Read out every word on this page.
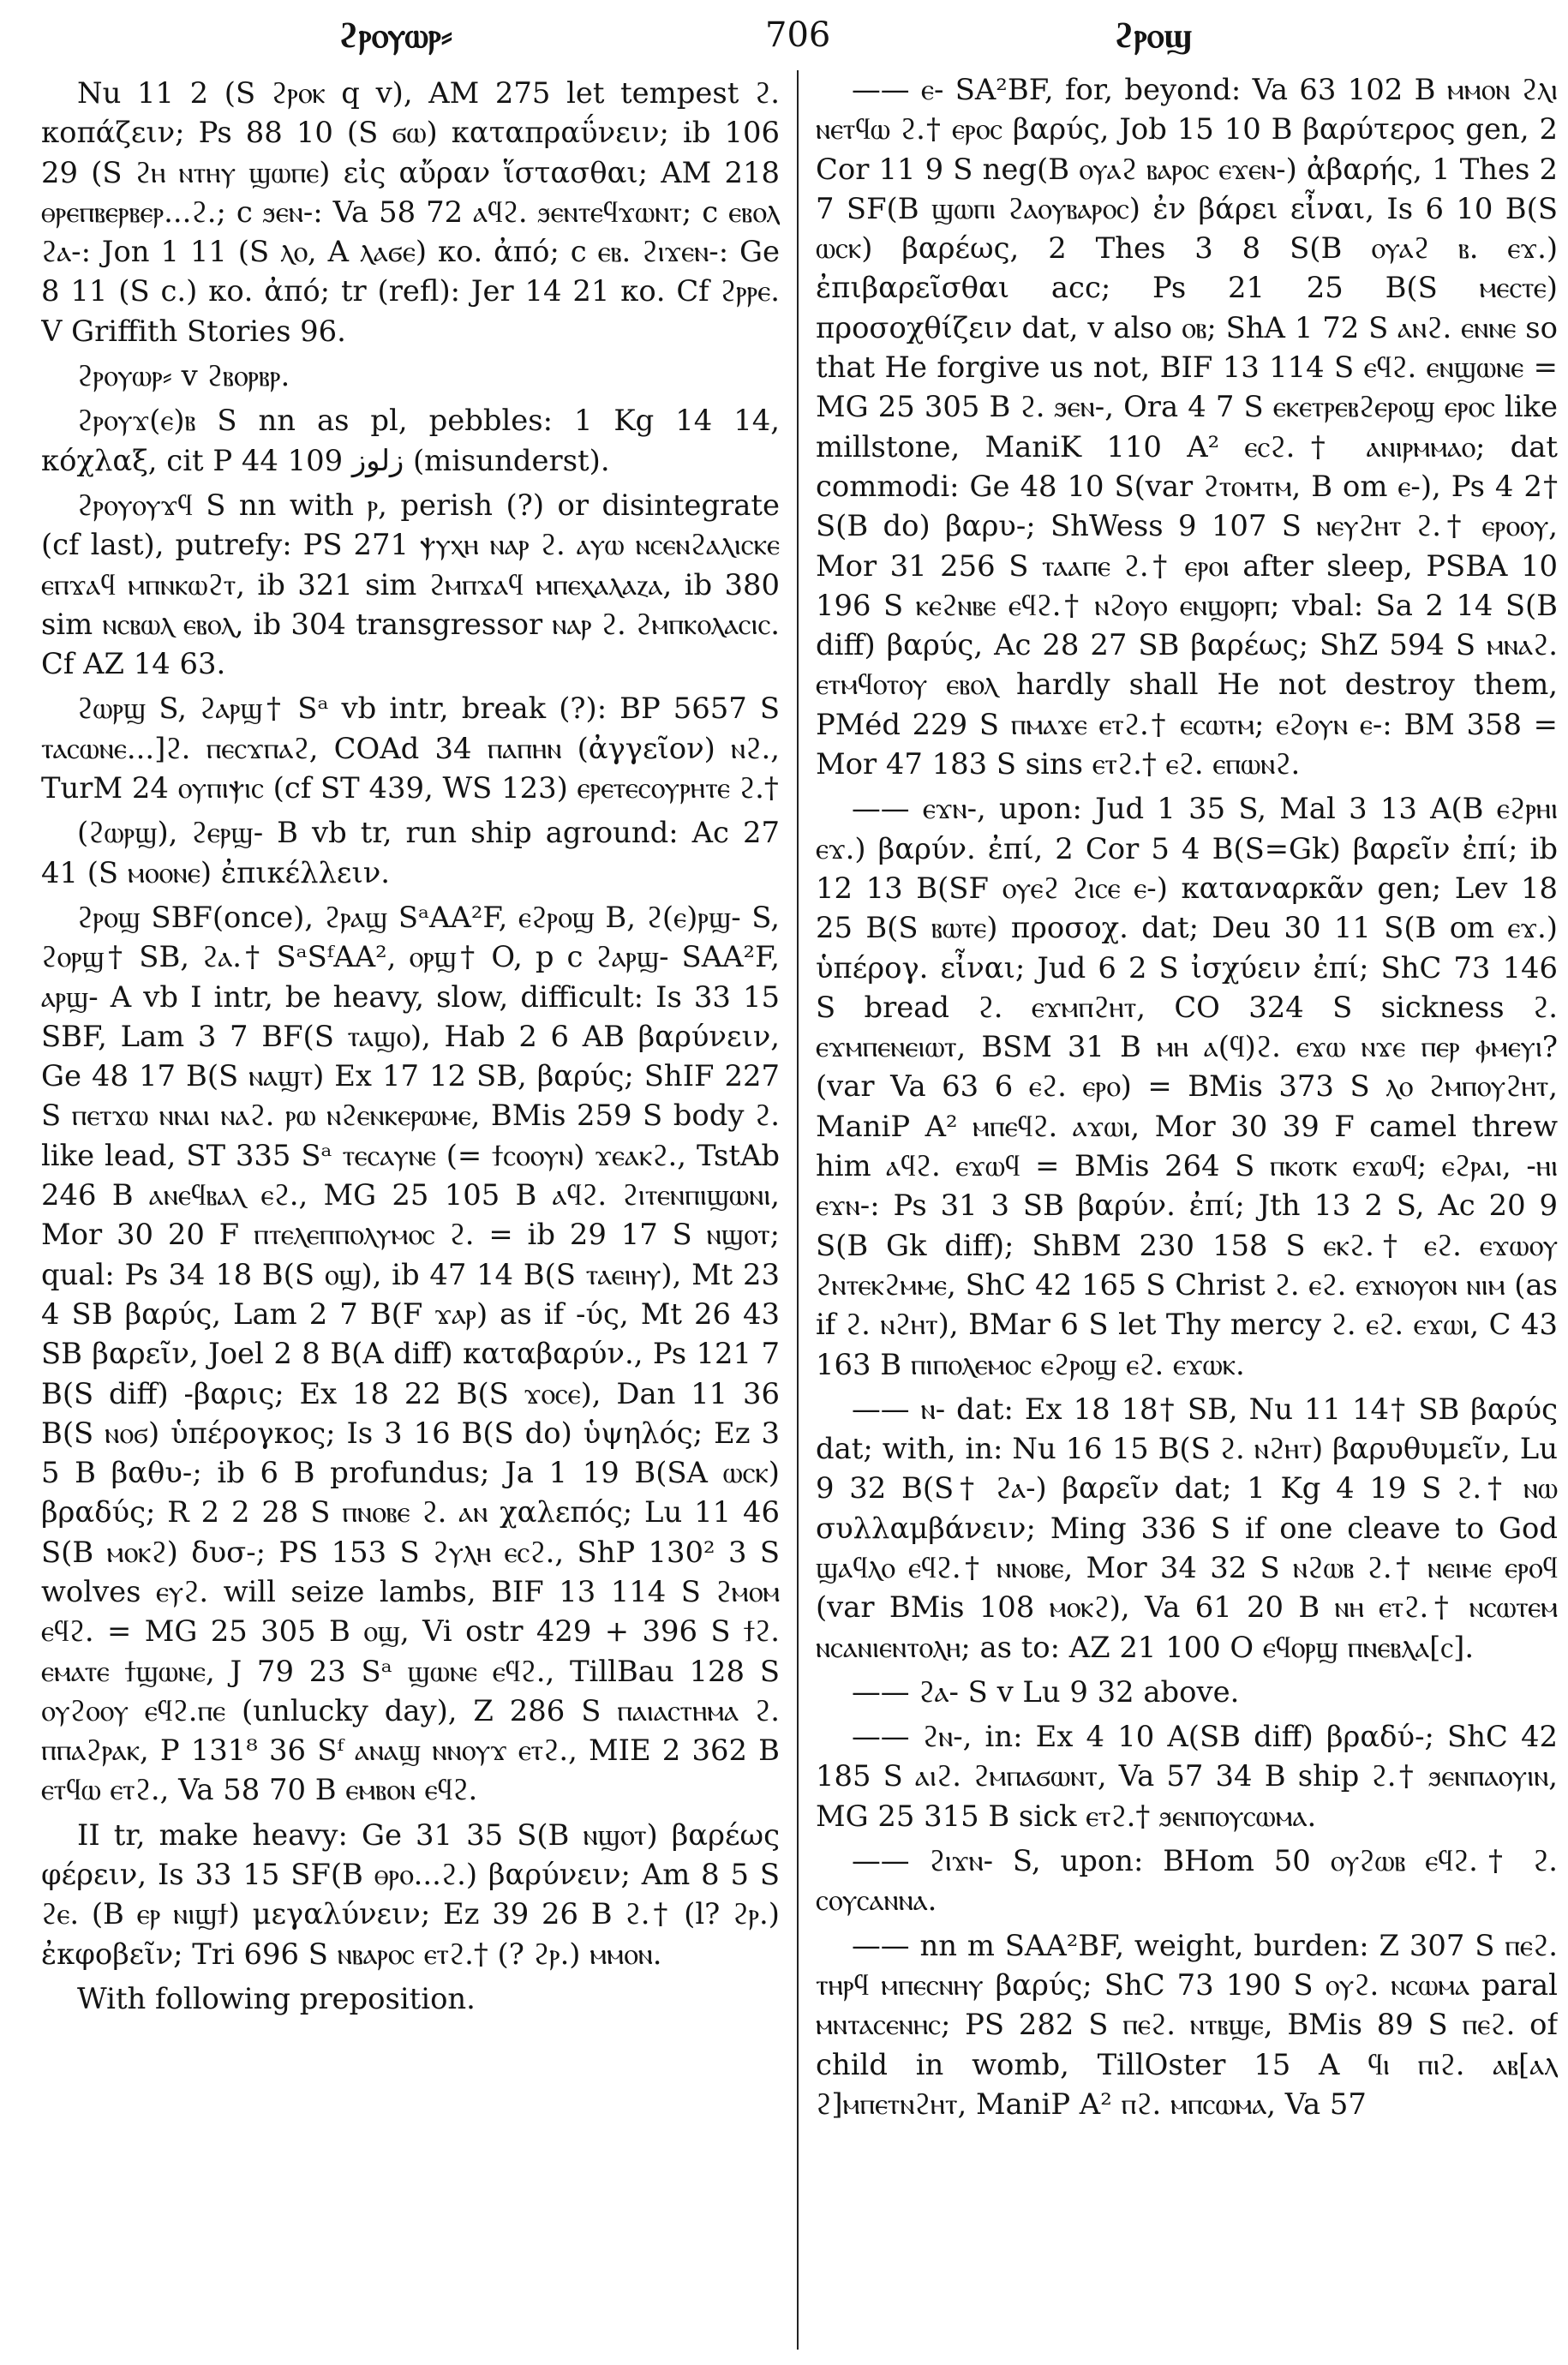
ϩⲣⲟⲩⲱⲣ⸗	706	ϩⲣⲟϣ

Nu 11 2 (S ϩⲣⲟⲕ q v), AM 275 let tempest ϩ. κοπάζειν; Ps 88 10 (S ϭⲱ) καταπραΰνειν; ib 106 29 (S ϩⲏ ⲛⲧⲏⲩ ϣⲱⲡⲉ) εἰς αὔραν ἵστασθαι; AM 218 ⲑⲣⲉⲡⲃⲉⲣⲃⲉⲣ...ϩ.; c ϧⲉⲛ-: Va 58 72 ⲁϥϩ. ϧⲉⲛⲧⲉϥϫⲱⲛⲧ; c ⲉⲃⲟⲗ ϩⲁ-: Jon 1 11 (S ⲗⲟ, A ⲗⲁϭⲉ) κο. ἀπό; c ⲉⲃ. ϩⲓϫⲉⲛ-: Ge 8 11 (S c.) κο. ἀπό; tr (refl): Jer 14 21 κο. Cf ϩⲣⲣⲉ. V Griffith Stories 96.

ϩⲣⲟⲩⲱⲣ⸗ v ϩⲃⲟⲣⲃⲣ.

ϩⲣⲟⲩϫ(ⲉ)ⲃ S nn as pl, pebbles: 1 Kg 14 14, κόχλαξ, cit P 44 109 زلوز (misunderst).

ϩⲣⲟⲩⲟⲩϫϥ S nn with ⲣ, perish (?) or disintegrate (cf last), putrefy: PS 271 ⲯⲩⲭⲏ ⲛⲁⲣ ϩ. ⲁⲩⲱ ⲛⲥⲉⲛϩⲁⲗⲓⲥⲕⲉ ⲉⲡϫⲁϥ ⲙⲡⲛⲕⲱϩⲧ, ib 321 sim ϩⲙⲡϫⲁϥ ⲙⲡⲉⲭⲁⲗⲁⲍⲁ, ib 380 sim ⲛⲥⲃⲱⲗ ⲉⲃⲟⲗ, ib 304 transgressor ⲛⲁⲣ ϩ. ϩⲙⲡⲕⲟⲗⲁⲥⲓⲥ. Cf AZ 14 63.

ϩⲱⲣϣ S, ϩⲁⲣϣ† Sᵃ vb intr, break (?): BP 5657 S ⲧⲁⲥⲱⲛⲉ...]ϩ. ⲡⲉⲥϫⲡⲁϩ, COAd 34 ⲡⲁⲡⲏⲛ (ἀγγεῖον) ⲛϩ., TurM 24 ⲟⲩⲡⲓⲯⲓⲥ (cf ST 439, WS 123) ⲉⲣⲉⲧⲉⲥⲟⲩⲣⲏⲧⲉ ϩ.†

(ϩⲱⲣϣ), ϩⲉⲣϣ- B vb tr, run ship aground: Ac 27 41 (S ⲙⲟⲟⲛⲉ) ἐπικέλλειν.

ϩⲣⲟϣ SBF(once), ϩⲣⲁϣ SᵃAA²F, ⲉϩⲣⲟϣ B, ϩ(ⲉ)ⲣϣ- S, ϩⲟⲣϣ† SB, ϩⲁ.† SᵃSᶠAA², ⲟⲣϣ† O, p c ϩⲁⲣϣ- SAA²F, ⲁⲣϣ- A vb I intr, be heavy, slow, difficult: Is 33 15 SBF, Lam 3 7 BF(S ⲧⲁϣⲟ), Hab 2 6 AB βαρύνειν, Ge 48 17 B(S ⲛⲁϣⲧ) Ex 17 12 SB, βαρύς; ShIF 227 S ⲡⲉⲧϫⲱ ⲛⲛⲁⲓ ⲛⲁϩ. ⲣⲱ ⲛϩⲉⲛⲕⲉⲣⲱⲙⲉ, BMis 259 S body ϩ. like lead, ST 335 Sᵃ ⲧⲉⲥⲁⲩⲛⲉ (= ϯⲥⲟⲟⲩⲛ) ϫⲉⲁⲕϩ., TstAb 246 B ⲁⲛⲉϥⲃⲁⲗ ⲉϩ., MG 25 105 B ⲁϥϩ. ϩⲓⲧⲉⲛⲡⲓϣⲱⲛⲓ, Mor 30 20 F ⲡⲧⲉⲗⲉⲡⲡⲟⲗⲩⲙⲟⲥ ϩ. = ib 29 17 S ⲛϣⲟⲧ; qual: Ps 34 18 B(S ⲟϣ), ib 47 14 B(S ⲧⲁⲉⲓⲏⲩ), Mt 23 4 SB βαρύς, Lam 2 7 B(F ϫⲁⲣ) as if -ύς, Mt 26 43 SB βαρεῖν, Joel 2 8 B(A diff) καταβαρύν., Ps 121 7 B(S diff) -βαρις; Ex 18 22 B(S ϫⲟⲥⲉ), Dan 11 36 B(S ⲛⲟϭ) ὑπέρογκος; Is 3 16 B(S do) ὑψηλός; Ez 3 5 B βαθυ-; ib 6 B profundus; Ja 1 19 B(SA ⲱⲥⲕ) βραδύς; R 2 2 28 S ⲡⲛⲟⲃⲉ ϩ. ⲁⲛ χαλεπός; Lu 11 46 S(B ⲙⲟⲕϩ) δυσ-; PS 153 S ϩⲩⲗⲏ ⲉⲥϩ., ShP 130² 3 S wolves ⲉⲩϩ. will seize lambs, BIF 13 114 S ϩⲙⲟⲙ ⲉϥϩ. = MG 25 305 B ⲟϣ, Vi ostr 429 + 396 S ϯϩ. ⲉⲙⲁⲧⲉ ϯϣⲱⲛⲉ, J 79 23 Sᵃ ϣⲱⲛⲉ ⲉϥϩ., TillBau 128 S ⲟⲩϩⲟⲟⲩ ⲉϥϩ.ⲡⲉ (unlucky day), Z 286 S ⲡⲁⲓⲁⲥⲧⲏⲙⲁ ϩ. ⲡⲡⲁϩⲣⲁⲕ, P 131⁸ 36 Sᶠ ⲁⲛⲁϣ ⲛⲛⲟⲩϫ ⲉⲧϩ., MIE 2 362 B ⲉⲧϥⲱ ⲉⲧϩ., Va 58 70 B ⲉⲙⲃⲟⲛ ⲉϥϩ.

II tr, make heavy: Ge 31 35 S(B ⲛϣⲟⲧ) βαρέως φέρειν, Is 33 15 SF(B ⲑⲣⲟ...ϩ.) βαρύνειν; Am 8 5 S ϩⲉ. (B ⲉⲣ ⲛⲓϣϯ) μεγαλύνειν; Ez 39 26 B ϩ.† (l? ϩⲣ.) ἐκφοβεῖν; Tri 696 S ⲛⲃⲁⲣⲟⲥ ⲉⲧϩ.† (? ϩⲣ.) ⲙⲙⲟⲛ.

With following preposition.

—— ⲉ- SA²BF, for, beyond: Va 63 102 B ⲙⲙⲟⲛ ϩⲗⲓ ⲛⲉⲧϥⲱ ϩ.† ⲉⲣⲟⲥ βαρύς, Job 15 10 B βαρύτερος gen, 2 Cor 11 9 S neg(B ⲟⲩⲁϩ ⲃⲁⲣⲟⲥ ⲉϫⲉⲛ-) ἀβαρής, 1 Thes 2 7 SF(B ϣⲱⲡⲓ ϩⲁⲟⲩⲃⲁⲣⲟⲥ) ἐν βάρει εἶναι, Is 6 10 B(S ⲱⲥⲕ) βαρέως, 2 Thes 3 8 S(B ⲟⲩⲁϩ ⲃ. ⲉϫ.) ἐπιβαρεῖσθαι acc; Ps 21 25 B(S ⲙⲉⲥⲧⲉ) προσοχθίζειν dat, v also ⲟⲃ; ShA 1 72 S ⲁⲛϩ. ⲉⲛⲛⲉ so that He forgive us not, BIF 13 114 S ⲉϥϩ. ⲉⲛϣⲱⲛⲉ = MG 25 305 B ϩ. ϧⲉⲛ-, Ora 4 7 S ⲉⲕⲉⲧⲣⲉⲃϩⲉⲣⲟϣ ⲉⲣⲟⲥ like millstone, ManiK 110 A² ⲉⲥϩ.† ⲁⲛⲓⲣⲙⲙⲁⲟ; dat commodi: Ge 48 10 S(var ϩⲧⲟⲙⲧⲙ, B om ⲉ-), Ps 4 2† S(B do) βαρυ-; ShWess 9 107 S ⲛⲉⲩϩⲏⲧ ϩ.† ⲉⲣⲟⲟⲩ, Mor 31 256 S ⲧⲁⲁⲡⲉ ϩ.† ⲉⲣⲟⲓ after sleep, PSBA 10 196 S ⲕⲉϩⲛⲃⲉ ⲉϥϩ.† ⲛϩⲟⲩⲟ ⲉⲛϣⲟⲣⲡ; vbal: Sa 2 14 S(B diff) βαρύς, Ac 28 27 SB βαρέως; ShZ 594 S ⲙⲛⲁϩ. ⲉⲧⲙϥⲟⲧⲟⲩ ⲉⲃⲟⲗ hardly shall He not destroy them, PMéd 229 S ⲡⲙⲁϫⲉ ⲉⲧϩ.† ⲉⲥⲱⲧⲙ; ⲉϩⲟⲩⲛ ⲉ-: BM 358 = Mor 47 183 S sins ⲉⲧϩ.† ⲉϩ. ⲉⲡⲱⲛϩ.

—— ⲉϫⲛ-, upon: Jud 1 35 S, Mal 3 13 A(B ⲉϩⲣⲏⲓ ⲉϫ.) βαρύν. ἐπί, 2 Cor 5 4 B(S=Gk) βαρεῖν ἐπί; ib 12 13 B(SF ⲟⲩⲉϩ ϩⲓⲥⲉ ⲉ-) καταναρκᾶν gen; Lev 18 25 B(S ⲃⲱⲧⲉ) προσοχ. dat; Deu 30 11 S(B om ⲉϫ.) ὑπέρογ. εἶναι; Jud 6 2 S ἰσχύειν ἐπί; ShC 73 146 S bread ϩ. ⲉϫⲙⲡϩⲏⲧ, CO 324 S sickness ϩ. ⲉϫⲙⲡⲉⲛⲉⲓⲱⲧ, BSM 31 B ⲙⲏ ⲁ(ϥ)ϩ. ⲉϫⲱ ⲛϫⲉ ⲡⲉⲣ ⲫⲙⲉⲩⲓ? (var Va 63 6 ⲉϩ. ⲉⲣⲟ) = BMis 373 S ⲗⲟ ϩⲙⲡⲟⲩϩⲏⲧ, ManiP A² ⲙⲡⲉϥϩ. ⲁϫⲱⲓ, Mor 30 39 F camel threw him ⲁϥϩ. ⲉϫⲱϥ = BMis 264 S ⲡⲕⲟⲧⲕ ⲉϫⲱϥ; ⲉϩⲣⲁⲓ, -ⲏⲓ ⲉϫⲛ-: Ps 31 3 SB βαρύν. ἐπί; Jth 13 2 S, Ac 20 9 S(B Gk diff); ShBM 230 158 S ⲉⲕϩ.† ⲉϩ. ⲉϫⲱⲟⲩ ϩⲛⲧⲉⲕϩⲙⲙⲉ, ShC 42 165 S Christ ϩ. ⲉϩ. ⲉϫⲛⲟⲩⲟⲛ ⲛⲓⲙ (as if ϩ. ⲛϩⲏⲧ), BMar 6 S let Thy mercy ϩ. ⲉϩ. ⲉϫⲱⲓ, C 43 163 B ⲡⲓⲡⲟⲗⲉⲙⲟⲥ ⲉϩⲣⲟϣ ⲉϩ. ⲉϫⲱⲕ.

—— ⲛ- dat: Ex 18 18† SB, Nu 11 14† SB βαρύς dat; with, in: Nu 16 15 B(S ϩ. ⲛϩⲏⲧ) βαρυθυμεῖν, Lu 9 32 B(S† ϩⲁ-) βαρεῖν dat; 1 Kg 4 19 S ϩ.† ⲛⲱ συλλαμβάνειν; Ming 336 S if one cleave to God ϣⲁϥⲗⲟ ⲉϥϩ.† ⲛⲛⲟⲃⲉ, Mor 34 32 S ⲛϩⲱⲃ ϩ.† ⲛⲉⲓⲙⲉ ⲉⲣⲟϥ (var BMis 108 ⲙⲟⲕϩ), Va 61 20 B ⲛⲏ ⲉⲧϩ.† ⲛⲥⲱⲧⲉⲙ ⲛⲥⲁⲛⲓⲉⲛⲧⲟⲗⲏ; as to: AZ 21 100 O ⲉϥⲟⲣϣ ⲡⲛⲉⲃⲗⲁ[ⲥ].

—— ϩⲁ- S v Lu 9 32 above.

—— ϩⲛ-, in: Ex 4 10 A(SB diff) βραδύ-; ShC 42 185 S ⲁⲓϩ. ϩⲙⲡⲁϭⲱⲛⲧ, Va 57 34 B ship ϩ.† ϧⲉⲛⲡⲁⲟⲩⲓⲛ, MG 25 315 B sick ⲉⲧϩ.† ϧⲉⲛⲡⲟⲩⲥⲱⲙⲁ.

—— ϩⲓϫⲛ- S, upon: BHom 50 ⲟⲩϩⲱⲃ ⲉϥϩ.† ϩ. ⲥⲟⲩⲥⲁⲛⲛⲁ.

—— nn m SAA²BF, weight, burden: Z 307 S ⲡⲉϩ. ⲧⲏⲣϥ ⲙⲡⲉⲥⲛⲏⲩ βαρύς; ShC 73 190 S ⲟⲩϩ. ⲛⲥⲱⲙⲁ paral ⲙⲛⲧⲁⲥⲉⲛⲏⲥ; PS 282 S ⲡⲉϩ. ⲛⲧⲃϣⲉ, BMis 89 S ⲡⲉϩ. of child in womb, TillOster 15 A ϥⲓ ⲡⲓϩ. ⲁⲃ[ⲁⲗ ϩ]ⲙⲡⲉⲧⲛϩⲏⲧ, ManiP A² ⲡϩ. ⲙⲡⲥⲱⲙⲁ, Va 57
